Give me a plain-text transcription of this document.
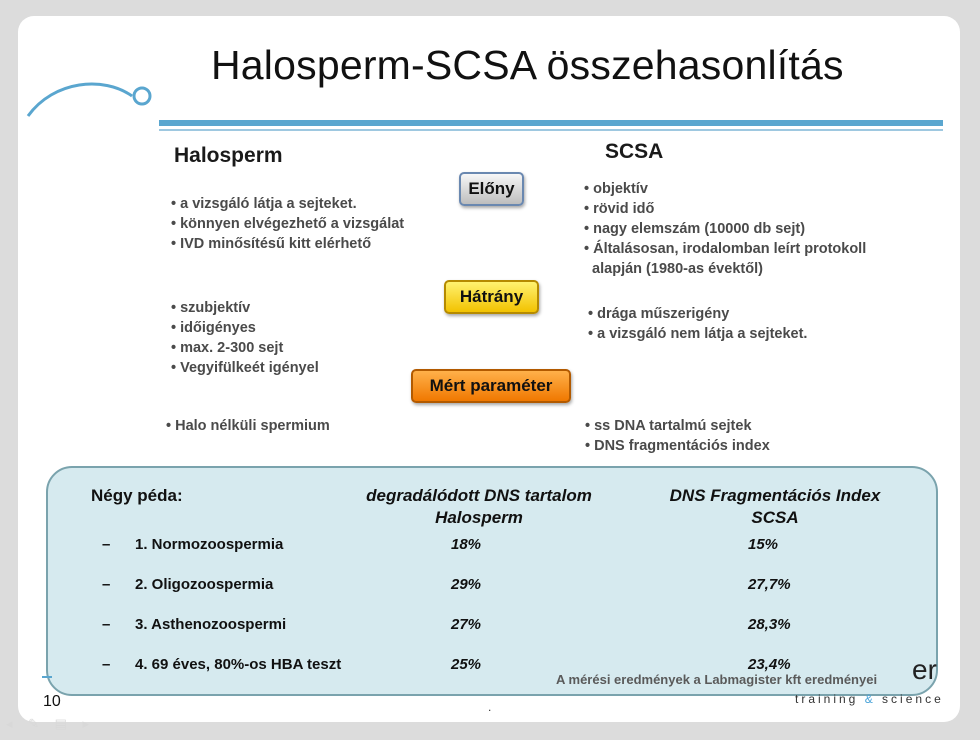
Halosperm-SCSA összehasonlítás
Halosperm	SCSA
Előny
Hátrány
Mért paraméter
• a vizsgáló látja a sejteket.
• könnyen elvégezhető a vizsgálat
• IVD minősítésű kitt elérhető
• objektív
• rövid idő
• nagy elemszám (10000 db sejt)
• Általásosan, irodalomban leírt protokoll
alapján (1980-as évektől)
• szubjektív
• időigényes
• max. 2-300 sejt
• Vegyifülkeét igényel
• drága műszerigény
• a vizsgáló nem látja a sejteket.
• Halo nélküli spermium	• ss DNA tartalmú sejtek
• DNS fragmentációs index
Négy péda:	degradálódott DNS tartalom
Halosperm
DNS Fragmentációs Index
SCSA
– 1. Normozoospermia	18%	15%
– 2. Oligozoospermia	29%	27,7%
– 3. Asthenozoospermi	27%	28,3%
– 4. 69 éves, 80%-os HBA teszt	25%	23,4%
A mérési eredmények a Labmagister kft eredményei er
training & science
10	.
◂ ✎ ▤ ▸
